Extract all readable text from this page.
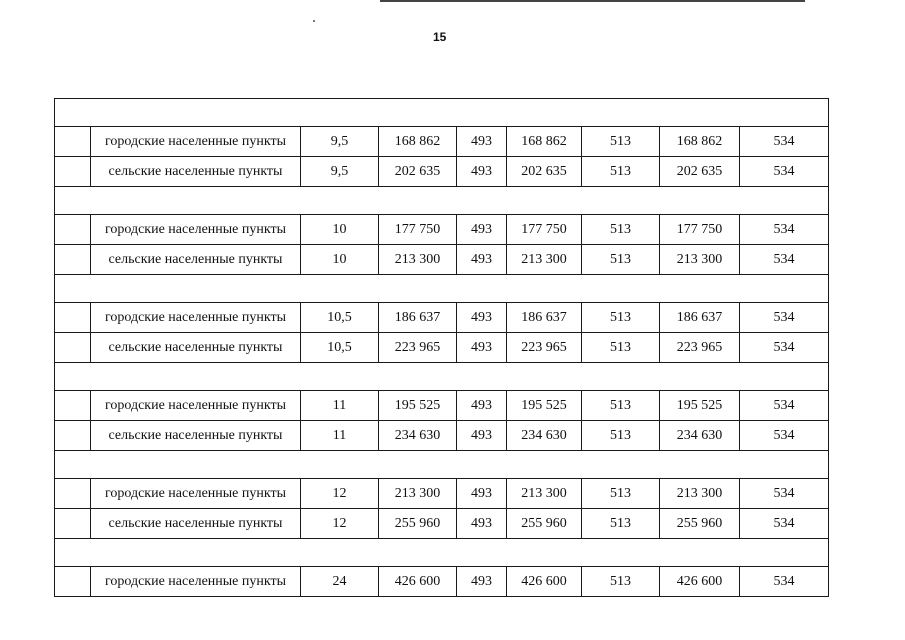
15

	городские населенные пункты	9,5	168 862	493	168 862	513	168 862	534
	сельские населенные пункты	9,5	202 635	493	202 635	513	202 635	534

	городские населенные пункты	10	177 750	493	177 750	513	177 750	534
	сельские населенные пункты	10	213 300	493	213 300	513	213 300	534

	городские населенные пункты	10,5	186 637	493	186 637	513	186 637	534
	сельские населенные пункты	10,5	223 965	493	223 965	513	223 965	534

	городские населенные пункты	11	195 525	493	195 525	513	195 525	534
	сельские населенные пункты	11	234 630	493	234 630	513	234 630	534

	городские населенные пункты	12	213 300	493	213 300	513	213 300	534
	сельские населенные пункты	12	255 960	493	255 960	513	255 960	534

	городские населенные пункты	24	426 600	493	426 600	513	426 600	534
